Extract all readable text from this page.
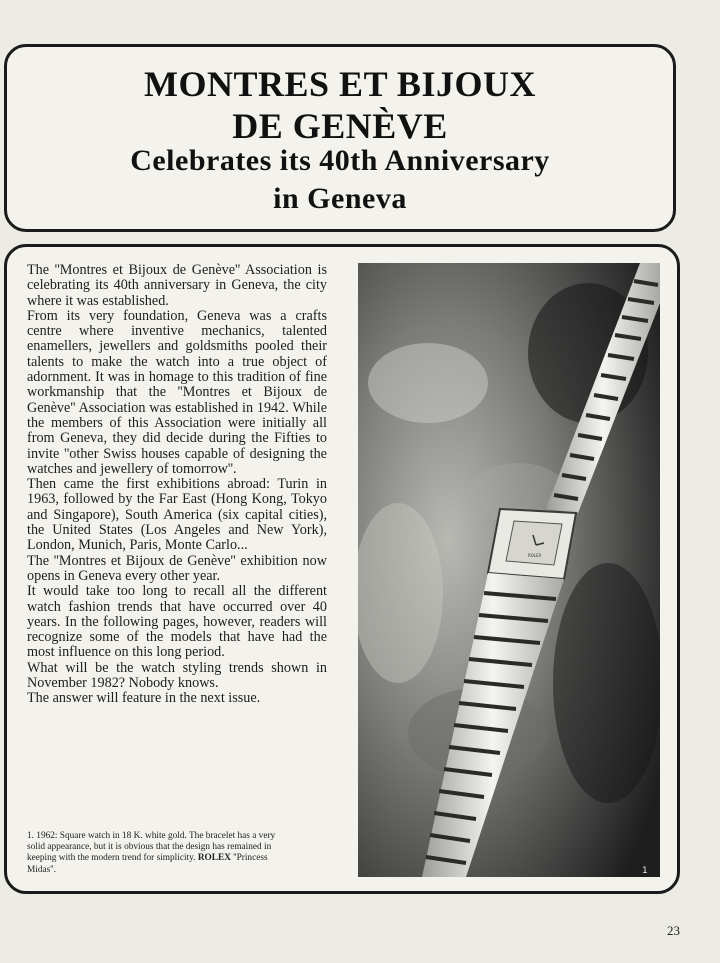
MONTRES ET BIJOUX
DE GENÈVE
Celebrates its 40th Anniversary
in Geneva

The ''Montres et Bijoux de Genève'' Association is celebrating its 40th anniversary in Geneva, the city where it was established.

From its very foundation, Geneva was a crafts centre where inventive mechanics, talented enamellers, jewellers and goldsmiths pooled their talents to make the watch into a true object of adornment. It was in homage to this tradition of fine workmanship that the ''Montres et Bijoux de Genève'' Association was established in 1942. While the members of this Association were initially all from Geneva, they did decide during the Fifties to invite ''other Swiss houses capable of designing the watches and jewellery of tomorrow''.

Then came the first exhibitions abroad: Turin in 1963, followed by the Far East (Hong Kong, Tokyo and Singapore), South America (six capital cities), the United States (Los Angeles and New York), London, Munich, Paris, Monte Carlo...

The ''Montres et Bijoux de Genève'' exhibition now opens in Geneva every other year.

It would take too long to recall all the different watch fashion trends that have occurred over 40 years. In the following pages, however, readers will recognize some of the models that have had the most influence on this long period.

What will be the watch styling trends shown in November 1982? Nobody knows.

The answer will feature in the next issue.

1. 1962: Square watch in 18 K. white gold. The bracelet has a very solid appearance, but it is obvious that the design has remained in keeping with the modern trend for simplicity. ROLEX ''Princess Midas''.
ROLEX
1
23
